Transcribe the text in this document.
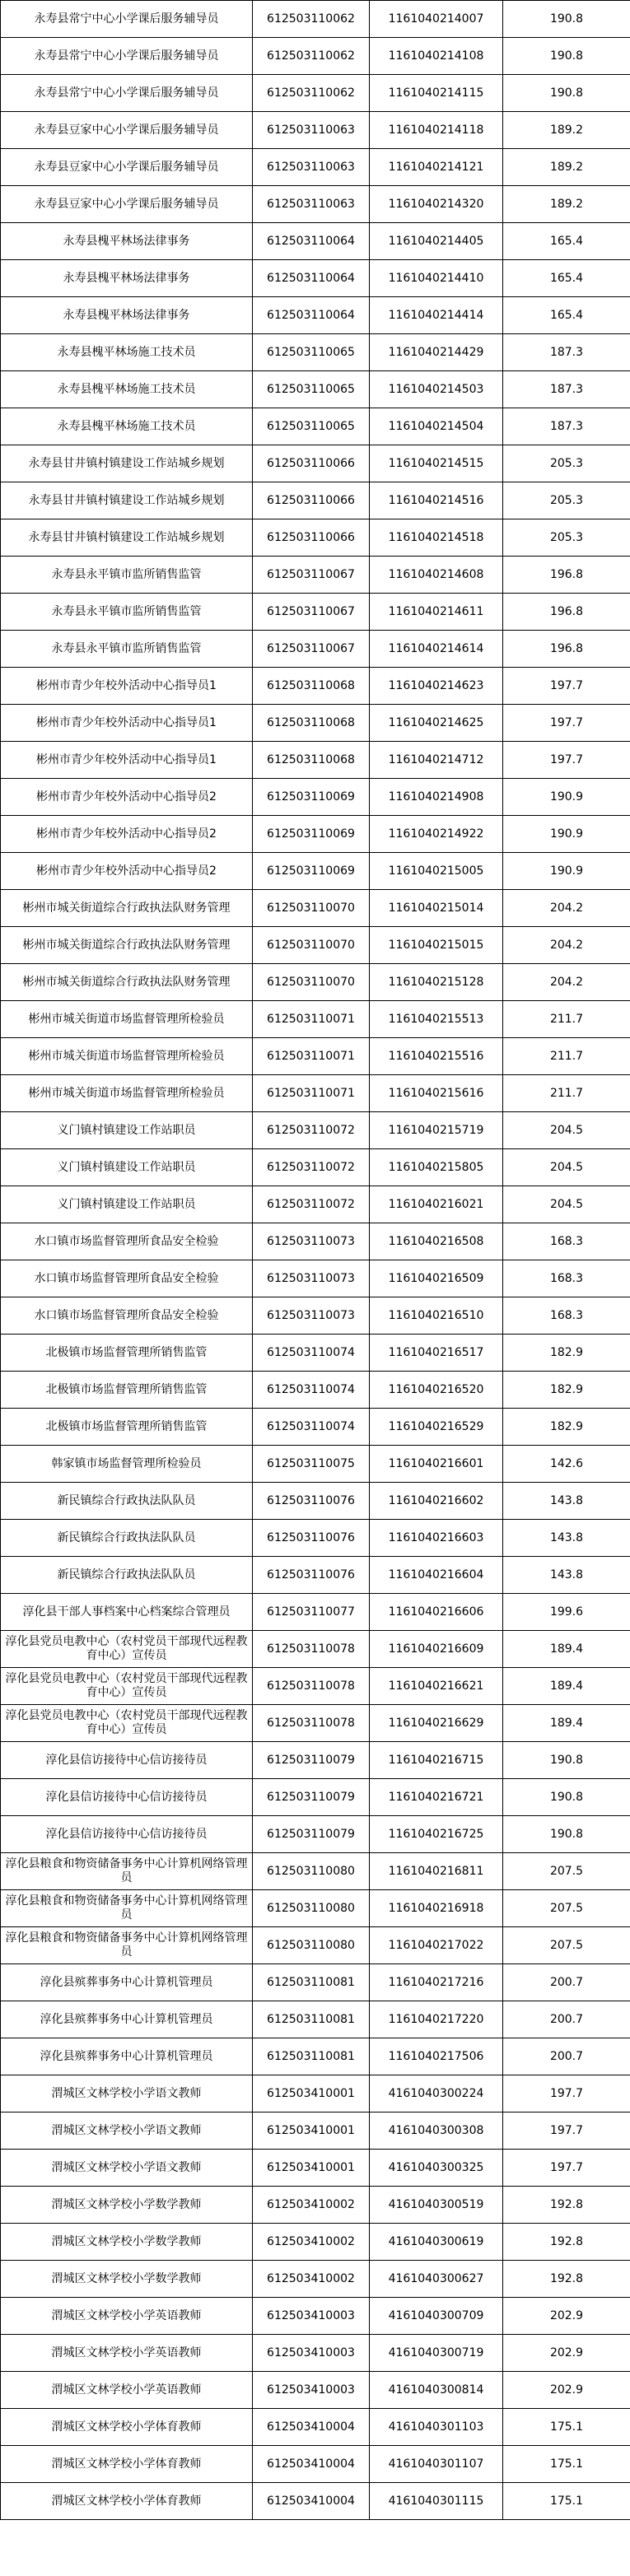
永寿县常宁中心小学课后服务辅导员	612503110062	1161040214007	190.8
永寿县常宁中心小学课后服务辅导员	612503110062	1161040214108	190.8
永寿县常宁中心小学课后服务辅导员	612503110062	1161040214115	190.8
永寿县豆家中心小学课后服务辅导员	612503110063	1161040214118	189.2
永寿县豆家中心小学课后服务辅导员	612503110063	1161040214121	189.2
永寿县豆家中心小学课后服务辅导员	612503110063	1161040214320	189.2
永寿县槐平林场法律事务	612503110064	1161040214405	165.4
永寿县槐平林场法律事务	612503110064	1161040214410	165.4
永寿县槐平林场法律事务	612503110064	1161040214414	165.4
永寿县槐平林场施工技术员	612503110065	1161040214429	187.3
永寿县槐平林场施工技术员	612503110065	1161040214503	187.3
永寿县槐平林场施工技术员	612503110065	1161040214504	187.3
永寿县甘井镇村镇建设工作站城乡规划	612503110066	1161040214515	205.3
永寿县甘井镇村镇建设工作站城乡规划	612503110066	1161040214516	205.3
永寿县甘井镇村镇建设工作站城乡规划	612503110066	1161040214518	205.3
永寿县永平镇市监所销售监管	612503110067	1161040214608	196.8
永寿县永平镇市监所销售监管	612503110067	1161040214611	196.8
永寿县永平镇市监所销售监管	612503110067	1161040214614	196.8
彬州市青少年校外活动中心指导员1	612503110068	1161040214623	197.7
彬州市青少年校外活动中心指导员1	612503110068	1161040214625	197.7
彬州市青少年校外活动中心指导员1	612503110068	1161040214712	197.7
彬州市青少年校外活动中心指导员2	612503110069	1161040214908	190.9
彬州市青少年校外活动中心指导员2	612503110069	1161040214922	190.9
彬州市青少年校外活动中心指导员2	612503110069	1161040215005	190.9
彬州市城关街道综合行政执法队财务管理	612503110070	1161040215014	204.2
彬州市城关街道综合行政执法队财务管理	612503110070	1161040215015	204.2
彬州市城关街道综合行政执法队财务管理	612503110070	1161040215128	204.2
彬州市城关街道市场监督管理所检验员	612503110071	1161040215513	211.7
彬州市城关街道市场监督管理所检验员	612503110071	1161040215516	211.7
彬州市城关街道市场监督管理所检验员	612503110071	1161040215616	211.7
义门镇村镇建设工作站职员	612503110072	1161040215719	204.5
义门镇村镇建设工作站职员	612503110072	1161040215805	204.5
义门镇村镇建设工作站职员	612503110072	1161040216021	204.5
水口镇市场监督管理所食品安全检验	612503110073	1161040216508	168.3
水口镇市场监督管理所食品安全检验	612503110073	1161040216509	168.3
水口镇市场监督管理所食品安全检验	612503110073	1161040216510	168.3
北极镇市场监督管理所销售监管	612503110074	1161040216517	182.9
北极镇市场监督管理所销售监管	612503110074	1161040216520	182.9
北极镇市场监督管理所销售监管	612503110074	1161040216529	182.9
韩家镇市场监督管理所检验员	612503110075	1161040216601	142.6
新民镇综合行政执法队队员	612503110076	1161040216602	143.8
新民镇综合行政执法队队员	612503110076	1161040216603	143.8
新民镇综合行政执法队队员	612503110076	1161040216604	143.8
淳化县干部人事档案中心档案综合管理员	612503110077	1161040216606	199.6
淳化县党员电教中心（农村党员干部现代远程教育中心）宣传员	612503110078	1161040216609	189.4
淳化县党员电教中心（农村党员干部现代远程教育中心）宣传员	612503110078	1161040216621	189.4
淳化县党员电教中心（农村党员干部现代远程教育中心）宣传员	612503110078	1161040216629	189.4
淳化县信访接待中心信访接待员	612503110079	1161040216715	190.8
淳化县信访接待中心信访接待员	612503110079	1161040216721	190.8
淳化县信访接待中心信访接待员	612503110079	1161040216725	190.8
淳化县粮食和物资储备事务中心计算机网络管理员	612503110080	1161040216811	207.5
淳化县粮食和物资储备事务中心计算机网络管理员	612503110080	1161040216918	207.5
淳化县粮食和物资储备事务中心计算机网络管理员	612503110080	1161040217022	207.5
淳化县殡葬事务中心计算机管理员	612503110081	1161040217216	200.7
淳化县殡葬事务中心计算机管理员	612503110081	1161040217220	200.7
淳化县殡葬事务中心计算机管理员	612503110081	1161040217506	200.7
渭城区文林学校小学语文教师	612503410001	4161040300224	197.7
渭城区文林学校小学语文教师	612503410001	4161040300308	197.7
渭城区文林学校小学语文教师	612503410001	4161040300325	197.7
渭城区文林学校小学数学教师	612503410002	4161040300519	192.8
渭城区文林学校小学数学教师	612503410002	4161040300619	192.8
渭城区文林学校小学数学教师	612503410002	4161040300627	192.8
渭城区文林学校小学英语教师	612503410003	4161040300709	202.9
渭城区文林学校小学英语教师	612503410003	4161040300719	202.9
渭城区文林学校小学英语教师	612503410003	4161040300814	202.9
渭城区文林学校小学体育教师	612503410004	4161040301103	175.1
渭城区文林学校小学体育教师	612503410004	4161040301107	175.1
渭城区文林学校小学体育教师	612503410004	4161040301115	175.1
